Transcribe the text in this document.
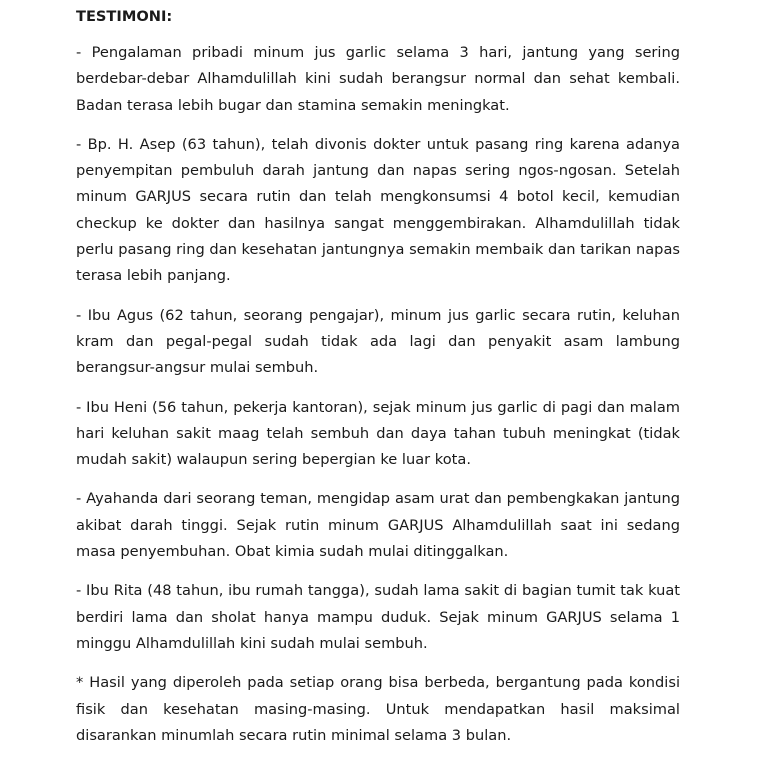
TESTIMONI:

- Pengalaman pribadi minum jus garlic selama 3 hari, jantung yang sering berdebar-debar Alhamdulillah kini sudah berangsur normal dan sehat kembali. Badan terasa lebih bugar dan stamina semakin meningkat.

- Bp. H. Asep (63 tahun), telah divonis dokter untuk pasang ring karena adanya penyempitan pembuluh darah jantung dan napas sering ngos-ngosan. Setelah minum GARJUS secara rutin dan telah mengkonsumsi 4 botol kecil, kemudian checkup ke dokter dan hasilnya sangat menggembirakan. Alhamdulillah tidak perlu pasang ring dan kesehatan jantungnya semakin membaik dan tarikan napas terasa lebih panjang.

- Ibu Agus (62 tahun, seorang pengajar), minum jus garlic secara rutin, keluhan kram dan pegal-pegal sudah tidak ada lagi dan penyakit asam lambung berangsur-angsur mulai sembuh.

- Ibu Heni (56 tahun, pekerja kantoran), sejak minum jus garlic di pagi dan malam hari keluhan sakit maag telah sembuh dan daya tahan tubuh meningkat (tidak mudah sakit) walaupun sering bepergian ke luar kota.

- Ayahanda dari seorang teman, mengidap asam urat dan pembengkakan jantung akibat darah tinggi. Sejak rutin minum GARJUS Alhamdulillah saat ini sedang masa penyembuhan. Obat kimia sudah mulai ditinggalkan.

- Ibu Rita (48 tahun, ibu rumah tangga), sudah lama sakit di bagian tumit tak kuat berdiri lama dan sholat hanya mampu duduk. Sejak minum GARJUS selama 1 minggu Alhamdulillah kini sudah mulai sembuh.

* Hasil yang diperoleh pada setiap orang bisa berbeda, bergantung pada kondisi fisik dan kesehatan masing-masing. Untuk mendapatkan hasil maksimal disarankan minumlah secara rutin minimal selama 3 bulan.
